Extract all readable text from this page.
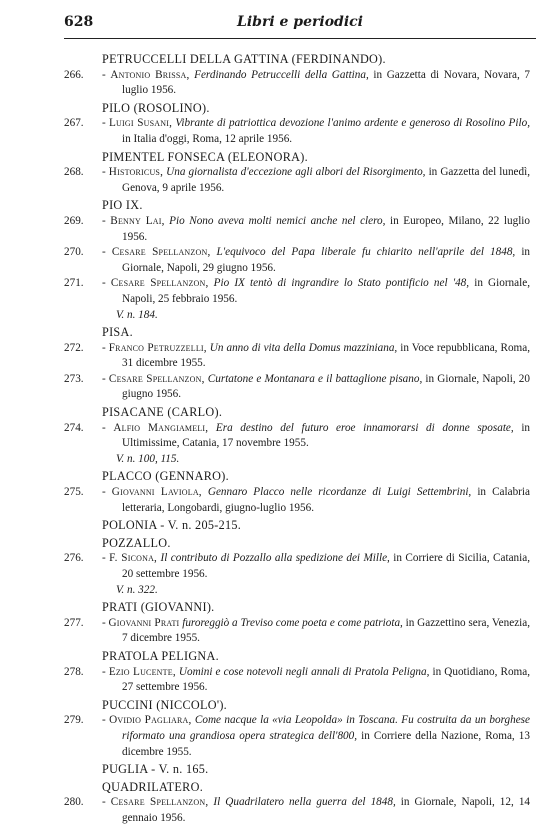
628	Libri e periodici
PETRUCCELLI DELLA GATTINA (FERDINANDO).
266.	- Antonio Brissa, Ferdinando Petruccelli della Gattina, in Gazzetta di Novara, Novara, 7 luglio 1956.
PILO (ROSOLINO).
267.	- Luigi Susani, Vibrante di patriottica devozione l'animo ardente e generoso di Rosolino Pilo, in Italia d'oggi, Roma, 12 aprile 1956.
PIMENTEL FONSECA (ELEONORA).
268.	- Historicus, Una giornalista d'eccezione agli albori del Risorgimento, in Gazzetta del lunedì, Genova, 9 aprile 1956.
PIO IX.
269.	- Benny Lai, Pio Nono aveva molti nemici anche nel clero, in Europeo, Milano, 22 luglio 1956.
270.	- Cesare Spellanzon, L'equivoco del Papa liberale fu chiarito nell'aprile del 1848, in Giornale, Napoli, 29 giugno 1956.
271.	- Cesare Spellanzon, Pio IX tentò di ingrandire lo Stato pontificio nel '48, in Giornale, Napoli, 25 febbraio 1956.
V. n. 184.
PISA.
272.	- Franco Petruzzelli, Un anno di vita della Domus mazziniana, in Voce repubblicana, Roma, 31 dicembre 1955.
273.	- Cesare Spellanzon, Curtatone e Montanara e il battaglione pisano, in Giornale, Napoli, 20 giugno 1956.
PISACANE (CARLO).
274.	- Alfio Mangiameli, Era destino del futuro eroe innamorarsi di donne sposate, in Ultimissime, Catania, 17 novembre 1955.
V. n. 100, 115.
PLACCO (GENNARO).
275.	- Giovanni Laviola, Gennaro Placco nelle ricordanze di Luigi Settembrini, in Calabria letteraria, Longobardi, giugno-luglio 1956.
POLONIA - V. n. 205-215.
POZZALLO.
276.	- F. Sicona, Il contributo di Pozzallo alla spedizione dei Mille, in Corriere di Sicilia, Catania, 20 settembre 1956.
V. n. 322.
PRATI (GIOVANNI).
277.	- Giovanni Prati furoreggiò a Treviso come poeta e come patriota, in Gazzettino sera, Venezia, 7 dicembre 1955.
PRATOLA PELIGNA.
278.	- Ezio Lucente, Uomini e cose notevoli negli annali di Pratola Peligna, in Quotidiano, Roma, 27 settembre 1956.
PUCCINI (NICCOLO').
279.	- Ovidio Pagliara, Come nacque la «via Leopolda» in Toscana. Fu costruita da un borghese riformato una grandiosa opera strategica dell'800, in Corriere della Nazione, Roma, 13 dicembre 1955.
PUGLIA - V. n. 165.
QUADRILATERO.
280.	- Cesare Spellanzon, Il Quadrilatero nella guerra del 1848, in Giornale, Napoli, 12, 14 gennaio 1956.
